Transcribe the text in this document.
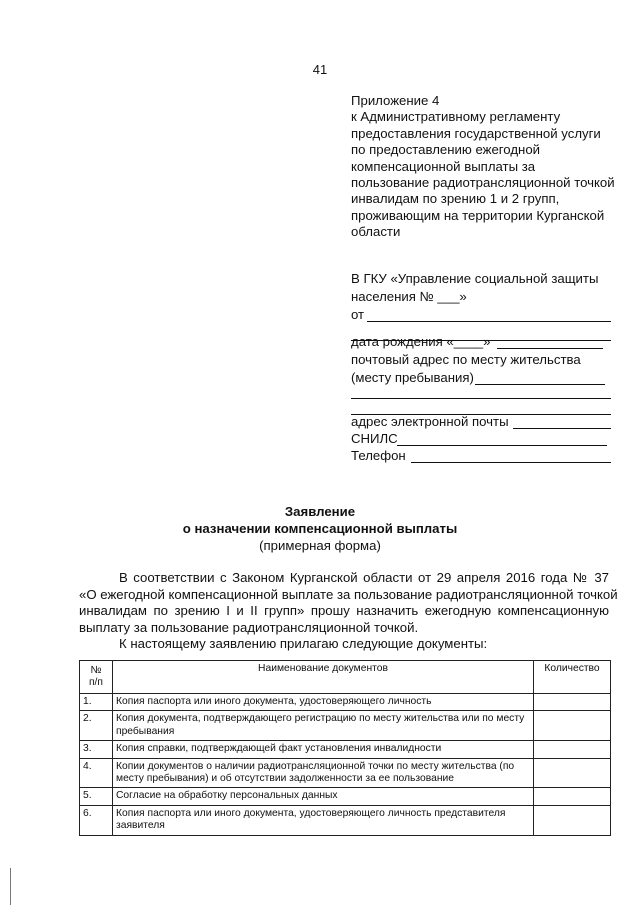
41
Приложение 4
к Административному регламенту
предоставления государственной услуги
по предоставлению ежегодной
компенсационной выплаты за
пользование радиотрансляционной точкой
инвалидам по зрению 1 и 2 групп,
проживающим на территории Курганской
области
В ГКУ «Управление социальной защиты
населения № ___»
от
дата рождения «____»
почтовый адрес по месту жительства
(месту пребывания)
адрес электронной почты
СНИЛС
Телефон
Заявление
о назначении компенсационной выплаты
(примерная форма)
В соответствии с Законом Курганской области от 29 апреля 2016 года № 37
«О ежегодной компенсационной выплате за пользование радиотрансляционной точкой
инвалидам по зрению I и II групп» прошу назначить ежегодную компенсационную
выплату за пользование радиотрансляционной точкой.
К настоящему заявлению прилагаю следующие документы:
№
п/п	Наименование документов	Количество
1.	Копия паспорта или иного документа, удостоверяющего личность	
2.	Копия документа, подтверждающего регистрацию по месту жительства или по месту пребывания	
3.	Копия справки, подтверждающей факт установления инвалидности	
4.	Копии документов о наличии радиотрансляционной точки по месту жительства (по месту пребывания) и об отсутствии задолженности за ее пользование	
5.	Согласие на обработку персональных данных	
6.	Копия паспорта или иного документа, удостоверяющего личность представителя заявителя	
